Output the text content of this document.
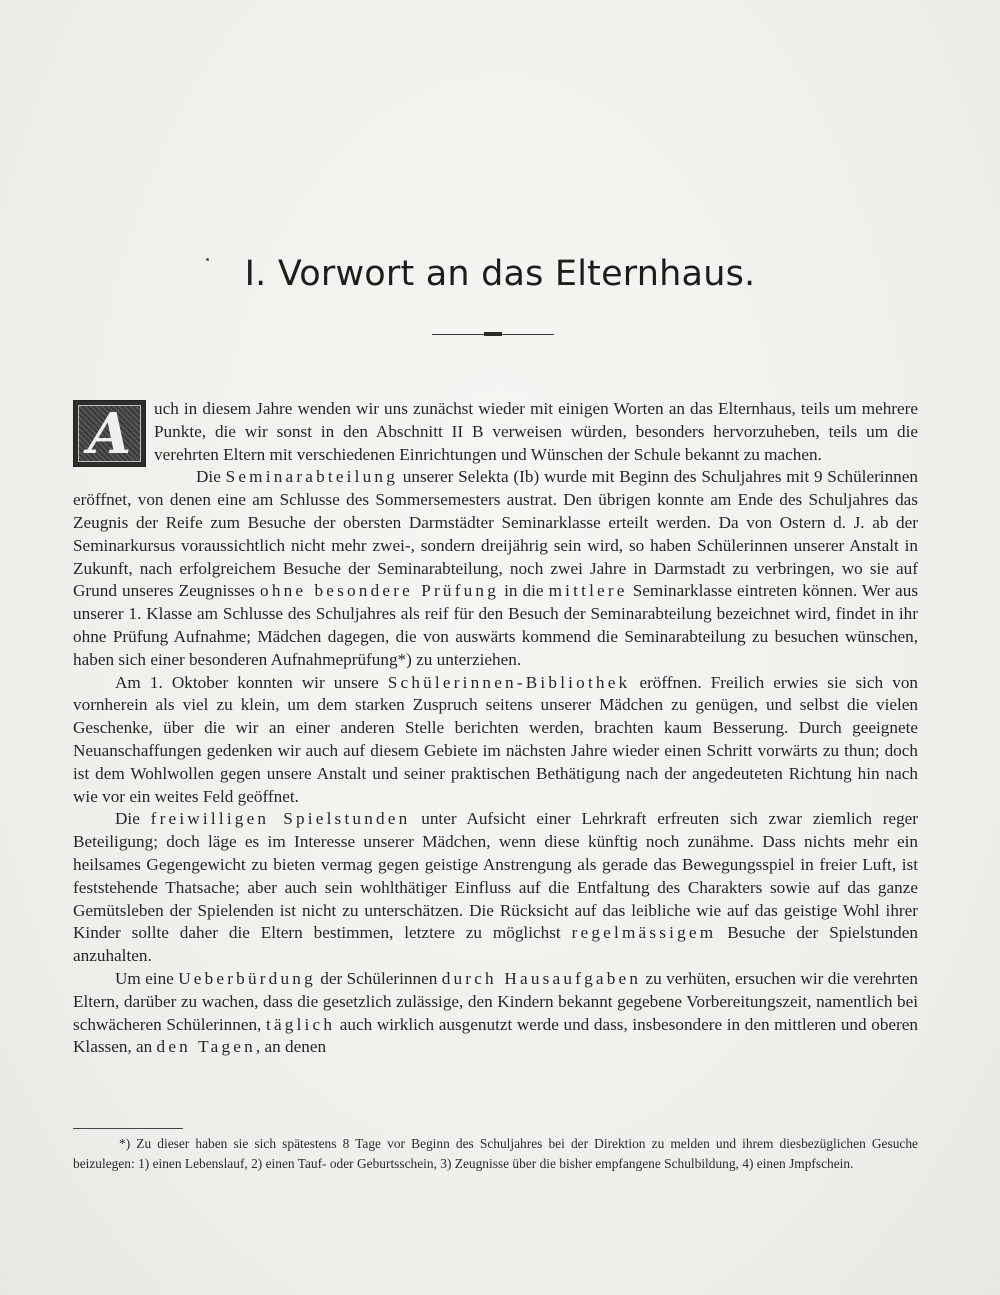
I. Vorwort an das Elternhaus.

A	uch in diesem Jahre wenden wir uns zunächst wieder mit einigen Worten an das Elternhaus, teils um mehrere Punkte, die wir sonst in den Abschnitt II B verweisen würden, besonders hervorzuheben, teils um die verehrten Eltern mit verschiedenen Einrichtungen und Wünschen der Schule bekannt zu machen.

Die Seminarabteilung unserer Selekta (Ib) wurde mit Beginn des Schuljahres mit 9 Schülerinnen eröffnet, von denen eine am Schlusse des Sommersemesters austrat. Den übrigen konnte am Ende des Schuljahres das Zeugnis der Reife zum Besuche der obersten Darmstädter Seminarklasse erteilt werden. Da von Ostern d. J. ab der Seminarkursus voraussichtlich nicht mehr zwei-, sondern dreijährig sein wird, so haben Schülerinnen unserer Anstalt in Zukunft, nach erfolgreichem Besuche der Seminarabteilung, noch zwei Jahre in Darmstadt zu verbringen, wo sie auf Grund unseres Zeugnisses ohne besondere Prüfung in die mittlere Seminarklasse eintreten können. Wer aus unserer 1. Klasse am Schlusse des Schuljahres als reif für den Besuch der Seminarabteilung bezeichnet wird, findet in ihr ohne Prüfung Aufnahme; Mädchen dagegen, die von auswärts kommend die Seminarabteilung zu besuchen wünschen, haben sich einer besonderen Aufnahmeprüfung*) zu unterziehen.

Am 1. Oktober konnten wir unsere Schülerinnen-Bibliothek eröffnen. Freilich erwies sie sich von vornherein als viel zu klein, um dem starken Zuspruch seitens unserer Mädchen zu genügen, und selbst die vielen Geschenke, über die wir an einer anderen Stelle berichten werden, brachten kaum Besserung. Durch geeignete Neuanschaffungen gedenken wir auch auf diesem Gebiete im nächsten Jahre wieder einen Schritt vorwärts zu thun; doch ist dem Wohlwollen gegen unsere Anstalt und seiner praktischen Bethätigung nach der angedeuteten Richtung hin nach wie vor ein weites Feld geöffnet.

Die freiwilligen Spielstunden unter Aufsicht einer Lehrkraft erfreuten sich zwar ziemlich reger Beteiligung; doch läge es im Interesse unserer Mädchen, wenn diese künftig noch zunähme. Dass nichts mehr ein heilsames Gegengewicht zu bieten vermag gegen geistige Anstrengung als gerade das Bewegungsspiel in freier Luft, ist feststehende Thatsache; aber auch sein wohlthätiger Einfluss auf die Entfaltung des Charakters sowie auf das ganze Gemütsleben der Spielenden ist nicht zu unterschätzen. Die Rücksicht auf das leibliche wie auf das geistige Wohl ihrer Kinder sollte daher die Eltern bestimmen, letztere zu möglichst regelmässigem Besuche der Spielstunden anzuhalten.

Um eine Ueberbürdung der Schülerinnen durch Hausaufgaben zu verhüten, ersuchen wir die verehrten Eltern, darüber zu wachen, dass die gesetzlich zulässige, den Kindern bekannt gegebene Vorbereitungszeit, namentlich bei schwächeren Schülerinnen, täglich auch wirklich ausgenutzt werde und dass, insbesondere in den mittleren und oberen Klassen, an den Tagen, an denen

*) Zu dieser haben sie sich spätestens 8 Tage vor Beginn des Schuljahres bei der Direktion zu melden und ihrem diesbezüglichen Gesuche beizulegen: 1) einen Lebenslauf, 2) einen Tauf- oder Geburtsschein, 3) Zeugnisse über die bisher empfangene Schulbildung, 4) einen Jmpfschein.
